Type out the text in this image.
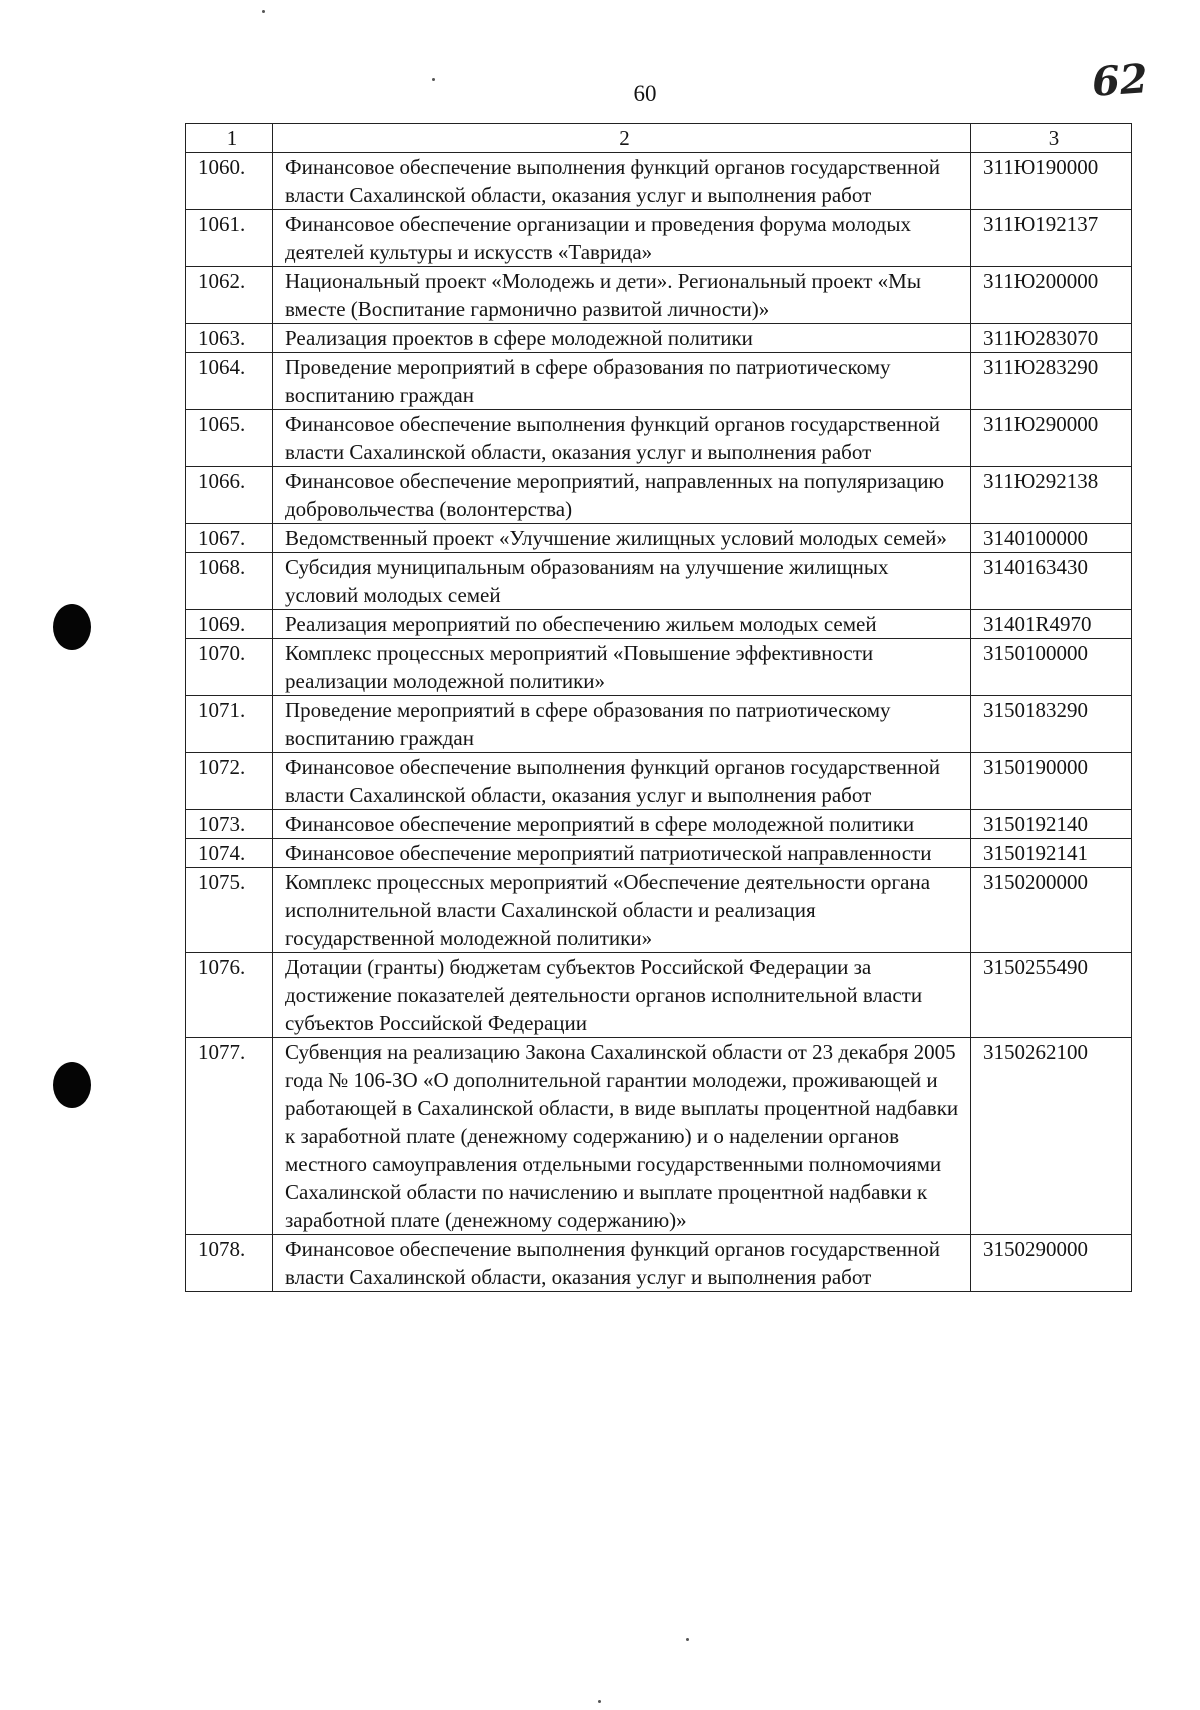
60	62
1	2	3
1060.	Финансовое обеспечение выполнения функций органов государственной власти Сахалинской области, оказания услуг и выполнения работ	311Ю190000
1061.	Финансовое обеспечение организации и проведения форума молодых деятелей культуры и искусств «Таврида»	311Ю192137
1062.	Национальный проект «Молодежь и дети». Региональный проект «Мы вместе (Воспитание гармонично развитой личности)»	311Ю200000
1063.	Реализация проектов в сфере молодежной политики	311Ю283070
1064.	Проведение мероприятий в сфере образования по патриотическому воспитанию граждан	311Ю283290
1065.	Финансовое обеспечение выполнения функций органов государственной власти Сахалинской области, оказания услуг и выполнения работ	311Ю290000
1066.	Финансовое обеспечение мероприятий, направленных на популяризацию добровольчества (волонтерства)	311Ю292138
1067.	Ведомственный проект «Улучшение жилищных условий молодых семей»	3140100000
1068.	Субсидия муниципальным образованиям на улучшение жилищных условий молодых семей	3140163430
1069.	Реализация мероприятий по обеспечению жильем молодых семей	31401R4970
1070.	Комплекс процессных мероприятий «Повышение эффективности реализации молодежной политики»	3150100000
1071.	Проведение мероприятий в сфере образования по патриотическому воспитанию граждан	3150183290
1072.	Финансовое обеспечение выполнения функций органов государственной власти Сахалинской области, оказания услуг и выполнения работ	3150190000
1073.	Финансовое обеспечение мероприятий в сфере молодежной политики	3150192140
1074.	Финансовое обеспечение мероприятий патриотической направленности	3150192141
1075.	Комплекс процессных мероприятий «Обеспечение деятельности органа исполнительной власти Сахалинской области и реализация государственной молодежной политики»	3150200000
1076.	Дотации (гранты) бюджетам субъектов Российской Федерации за достижение показателей деятельности органов исполнительной власти субъектов Российской Федерации	3150255490
1077.	Субвенция на реализацию Закона Сахалинской области от 23 декабря 2005 года № 106-ЗО «О дополнительной гарантии молодежи, проживающей и работающей в Сахалинской области, в виде выплаты процентной надбавки к заработной плате (денежному содержанию) и о наделении органов местного самоуправления отдельными государственными полномочиями Сахалинской области по начислению и выплате процентной надбавки к заработной плате (денежному содержанию)»	3150262100
1078.	Финансовое обеспечение выполнения функций органов государственной власти Сахалинской области, оказания услуг и выполнения работ	3150290000
